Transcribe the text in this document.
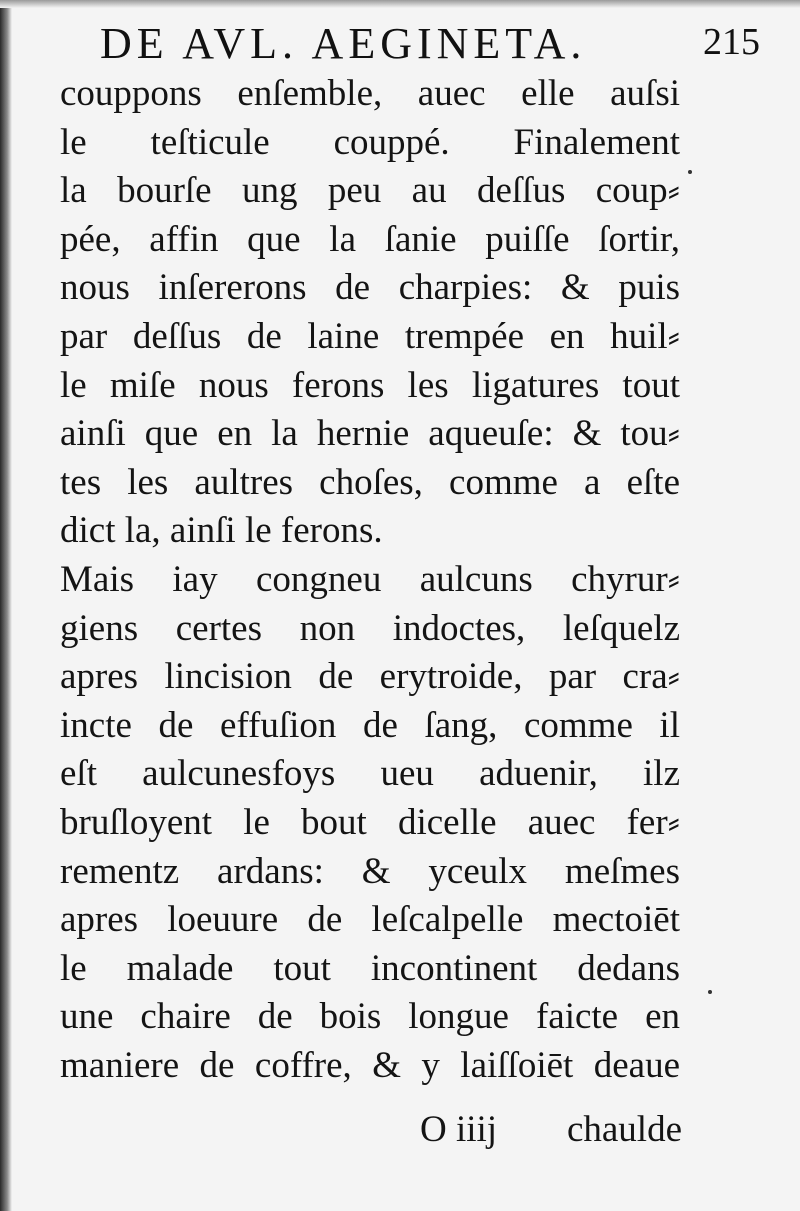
DE AVL. AEGINETA.	215
couppons enſemble, auec elle auſsi
le teſticule couppé. Finalement
la bourſe ung peu au deſſus coup⸗
pée, affin que la ſanie puiſſe ſortir,
nous inſererons de charpies: & puis
par deſſus de laine trempée en huil⸗
le miſe nous ferons les ligatures tout
ainſi que en la hernie aqueuſe: & tou⸗
tes les aultres choſes, comme a eſte
dict la, ainſi le ferons.
Mais iay congneu aulcuns chyrur⸗
giens certes non indoctes, leſquelz
apres lincision de erytroide, par cra⸗
incte de effuſion de ſang, comme il
eſt aulcunesfoys ueu aduenir, ilz
bruſloyent le bout dicelle auec fer⸗
rementz ardans: & yceulx meſmes
apres loeuure de leſcalpelle mectoiēt
le malade tout incontinent dedans
une chaire de bois longue faicte en
maniere de coffre, & y laiſſoiēt deaue
O iiij chaulde
